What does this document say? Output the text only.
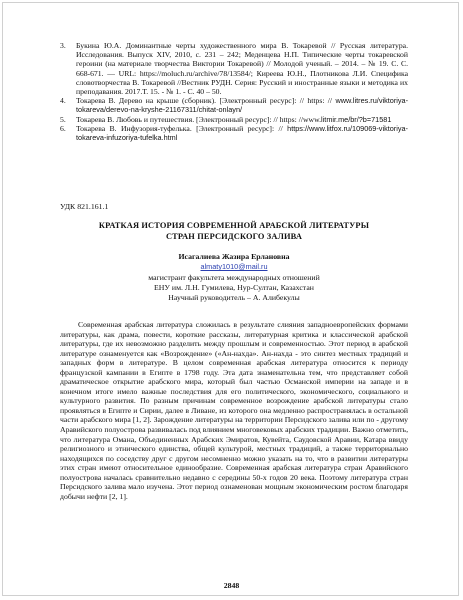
3. Букина Ю.А. Доминантные черты художественного мира В. Токаревой // Русская литература. Исследования. Выпуск XIV, 2010, с. 231 – 242; Меденцева Н.П. Типические черты токаревской героини (на материале творчества Виктории Токаревой) // Молодой ученый. – 2014. – № 19. С. С. 668-671. — URL: https://moluch.ru/archive/78/13584/; Киреева Ю.Н., Плотникова Л.И. Специфика словотворчества В. Токаревой //Вестник РУДН. Серия: Русский и иностранные языки и методика их преподавания. 2017.Т. 15. - № 1. - С. 40 – 50.
4. Токарева В. Дерево на крыше (сборник). [Электронный ресурс]: // https: // www.litres.ru/viktoriya-tokareva/derevo-na-kryshe-21167311/chitat-onlayn/
5. Токарева В. Любовь и путешествия. [Электронный ресурс]: // https: //www.litmir.me/br/?b=71581
6. Токарева В. Инфузория-туфелька. [Электронный ресурс]: // https://www.litfox.ru/109069-viktoriya-tokareva-infuzoriya-tufelka.html
УДК 821.161.1
КРАТКАЯ ИСТОРИЯ СОВРЕМЕННОЙ АРАБСКОЙ ЛИТЕРАТУРЫ
СТРАН ПЕРСИДСКОГО ЗАЛИВА
Исагалиева Жазира Ерлановна
almaty1010@mail.ru
магистрант факультета международных отношений
ЕНУ им. Л.Н. Гумилева, Нур-Султан, Казахстан
Научный руководитель – А. Алибекулы

Современная арабская литература сложилась в результате слияния западноевропейских формами литературы, как драма, повести, короткие рассказы, литературная критика и классической арабской литературы, где их невозможно разделить между прошлым и современностью. Этот период в арабской литературе ознаменуется как «Возрождение» («Ан-нахда». Ан-нахда - это синтез местных традиций и западных форм в литературе. В целом современная арабская литература относится к периоду французской кампании в Египте в 1798 году. Эта дата знаменательна тем, что представляет собой драматическое открытие арабского мира, который был частью Османской империи на западе и в конечном итоге имело важные последствия для его политического, экономического, социального и культурного развития. По разным причинам современное возрождение арабской литературы стало проявляться в Египте и Сирии, далее в Ливане, из которого она медленно распространялась в остальной части арабского мира [1, 2]. Зарождение литературы на территории Персидского залива или по - другому Аравийского полуострова развивалась под влиянием многовековых арабских традиции. Важно отметить, что литература Омана, Объединенных Арабских Эмиратов, Кувейта, Саудовской Аравии, Катара ввиду религиозного и этнического единства, общей культурой, местных традиций, а также территориально находящихся по соседству друг с другом несомненно можно указать на то, что в развитии литературы этих стран имеют относительное единообразие. Современная арабская литература стран Аравийского полуострова началась сравнительно недавно с середины 50-х годов 20 века. Поэтому литература стран Персидского залива мало изучена. Этот период ознаменован мощным экономическим ростом благодаря добычи нефти [2, 1].

2848
